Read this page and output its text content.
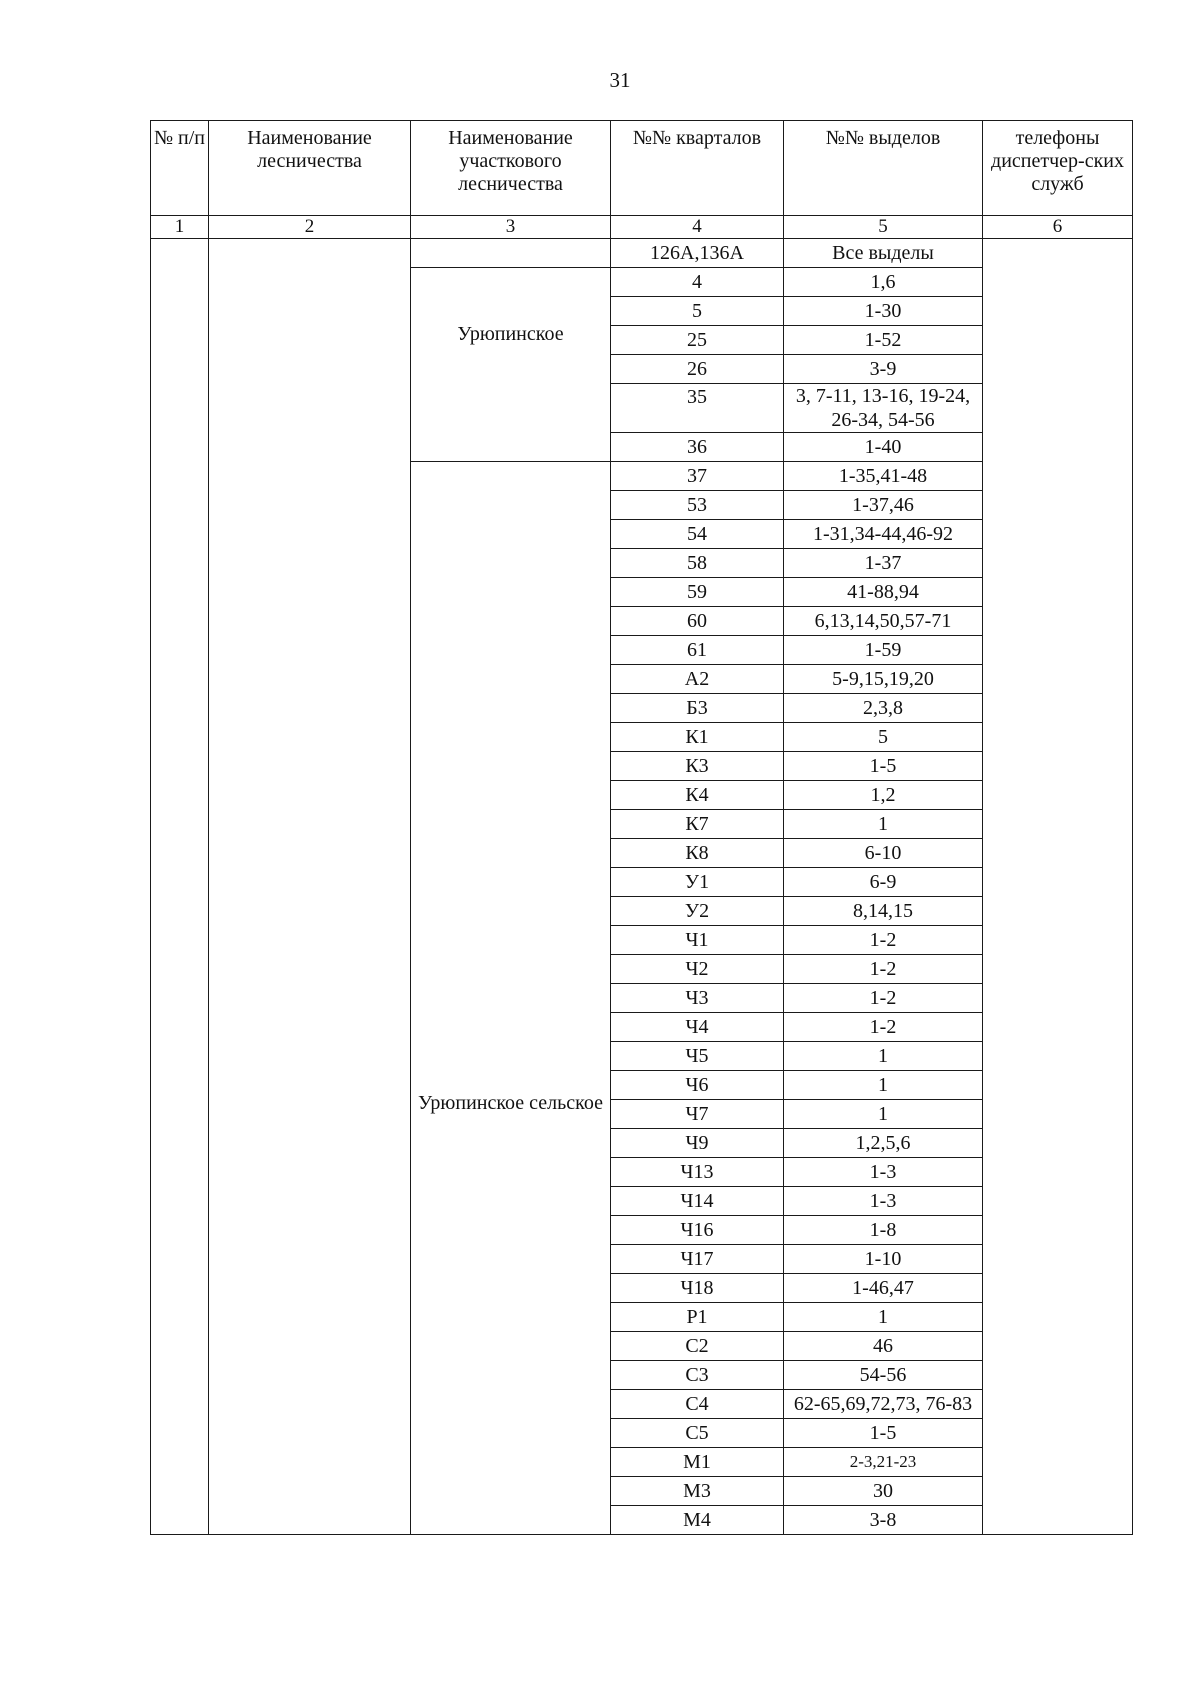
31
№ п/п	Наименование лесничества	Наименование участкового лесничества	№№ кварталов	№№ выделов	телефоны диспетчер-ских служб
1	2	3	4	5	6
			126А,136А	Все выделы	
		Урюпинское	4	1,6	
			5	1-30	
			25	1-52	
			26	3-9	
			35	3, 7-11, 13-16, 19-24, 26-34, 54-56	
			36	1-40	
		Урюпинское сельское	37	1-35,41-48	
			53	1-37,46	
			54	1-31,34-44,46-92	
			58	1-37	
			59	41-88,94	
			60	6,13,14,50,57-71	
			61	1-59	
			А2	5-9,15,19,20	
			Б3	2,3,8	
			К1	5	
			К3	1-5	
			К4	1,2	
			К7	1	
			К8	6-10	
			У1	6-9	
			У2	8,14,15	
			Ч1	1-2	
			Ч2	1-2	
			Ч3	1-2	
			Ч4	1-2	
			Ч5	1	
			Ч6	1	
			Ч7	1	
			Ч9	1,2,5,6	
			Ч13	1-3	
			Ч14	1-3	
			Ч16	1-8	
			Ч17	1-10	
			Ч18	1-46,47	
			Р1	1	
			С2	46	
			С3	54-56	
			С4	62-65,69,72,73, 76-83	
			С5	1-5	
			М1	2-3,21-23	
			М3	30	
			М4	3-8	
